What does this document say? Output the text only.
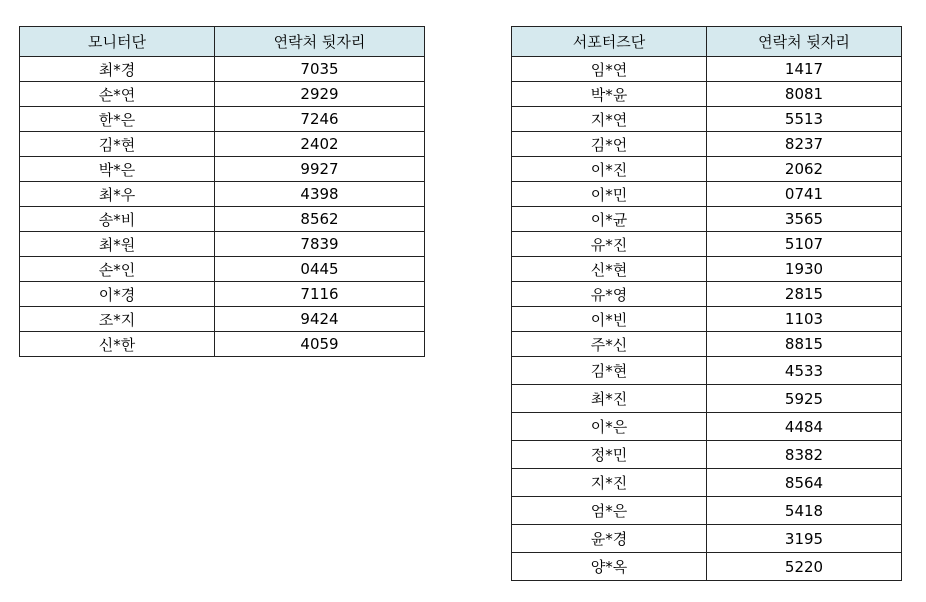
모니터단	연락처 뒷자리
최*경	7035
손*연	2929
한*은	7246
김*현	2402
박*은	9927
최*우	4398
송*비	8562
최*원	7839
손*인	0445
이*경	7116
조*지	9424
신*한	4059
서포터즈단	연락처 뒷자리
임*연	1417
박*윤	8081
지*연	5513
김*언	8237
이*진	2062
이*민	0741
이*균	3565
유*진	5107
신*현	1930
유*영	2815
이*빈	1103
주*신	8815
김*현	4533
최*진	5925
이*은	4484
정*민	8382
지*진	8564
엄*은	5418
윤*경	3195
양*옥	5220
